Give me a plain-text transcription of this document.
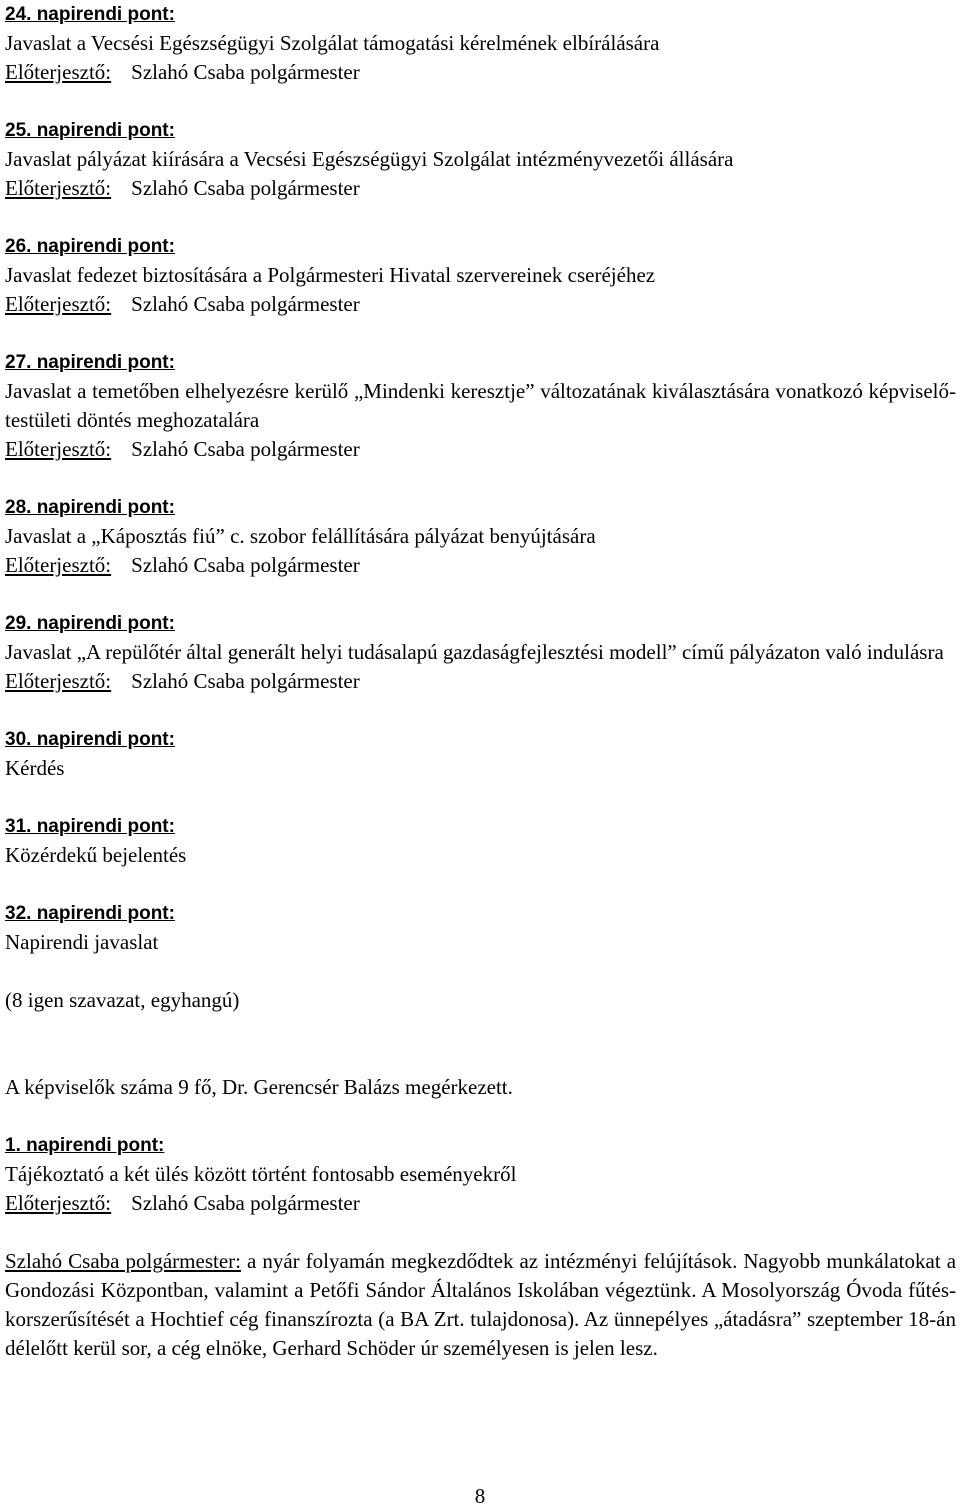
24. napirendi pont:
Javaslat a Vecsési Egészségügyi Szolgálat támogatási kérelmének elbírálására
Előterjesztő: Szlahó Csaba polgármester
25. napirendi pont:
Javaslat pályázat kiírására a Vecsési Egészségügyi Szolgálat intézményvezetői állására
Előterjesztő: Szlahó Csaba polgármester
26. napirendi pont:
Javaslat fedezet biztosítására a Polgármesteri Hivatal szervereinek cseréjéhez
Előterjesztő: Szlahó Csaba polgármester
27. napirendi pont:
Javaslat a temetőben elhelyezésre kerülő „Mindenki keresztje” változatának kiválasztására vonatkozó képviselő-testületi döntés meghozatalára
Előterjesztő: Szlahó Csaba polgármester
28. napirendi pont:
Javaslat a „Káposztás fiú” c. szobor felállítására pályázat benyújtására
Előterjesztő: Szlahó Csaba polgármester
29. napirendi pont:
Javaslat „A repülőtér által generált helyi tudásalapú gazdaságfejlesztési modell” című pályázaton való indulásra
Előterjesztő: Szlahó Csaba polgármester
30. napirendi pont:
Kérdés
31. napirendi pont:
Közérdekű bejelentés
32. napirendi pont:
Napirendi javaslat
(8 igen szavazat, egyhangú)
A képviselők száma 9 fő, Dr. Gerencsér Balázs megérkezett.
1. napirendi pont:
Tájékoztató a két ülés között történt fontosabb eseményekről
Előterjesztő: Szlahó Csaba polgármester
Szlahó Csaba polgármester: a nyár folyamán megkezdődtek az intézményi felújítások. Nagyobb munkálatokat a Gondozási Központban, valamint a Petőfi Sándor Általános Iskolában végeztünk. A Mosolyország Óvoda fűtés-korszerűsítését a Hochtief cég finanszírozta (a BA Zrt. tulajdonosa). Az ünnepélyes „átadásra” szeptember 18-án délelőtt kerül sor, a cég elnöke, Gerhard Schöder úr személyesen is jelen lesz.
8
